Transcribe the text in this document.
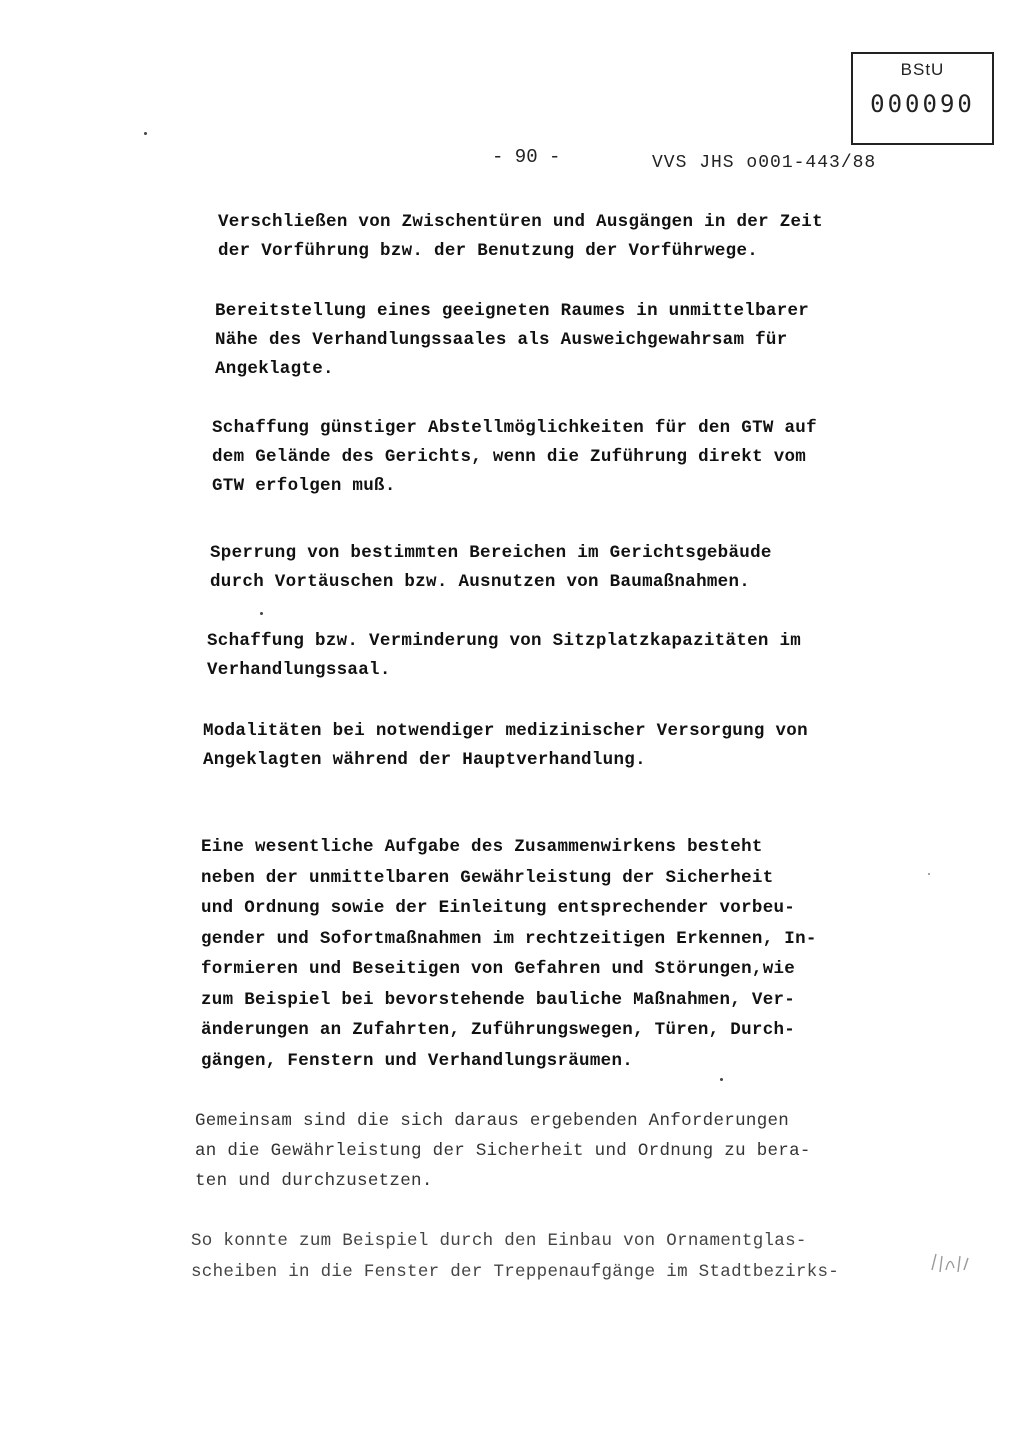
BStU
000090
- 90 -	VVS JHS o001-443/88

Verschließen von Zwischentüren und Ausgängen in der Zeit
der Vorführung bzw. der Benutzung der Vorführwege.

Bereitstellung eines geeigneten Raumes in unmittelbarer
Nähe des Verhandlungssaales als Ausweichgewahrsam für
Angeklagte.

Schaffung günstiger Abstellmöglichkeiten für den GTW auf
dem Gelände des Gerichts, wenn die Zuführung direkt vom
GTW erfolgen muß.

Sperrung von bestimmten Bereichen im Gerichtsgebäude
durch Vortäuschen bzw. Ausnutzen von Baumaßnahmen.

Schaffung bzw. Verminderung von Sitzplatzkapazitäten im
Verhandlungssaal.

Modalitäten bei notwendiger medizinischer Versorgung von
Angeklagten während der Hauptverhandlung.

Eine wesentliche Aufgabe des Zusammenwirkens besteht
neben der unmittelbaren Gewährleistung der Sicherheit
und Ordnung sowie der Einleitung entsprechender vorbeu-
gender und Sofortmaßnahmen im rechtzeitigen Erkennen, In-
formieren und Beseitigen von Gefahren und Störungen,wie
zum Beispiel bei bevorstehende bauliche Maßnahmen, Ver-
änderungen an Zufahrten, Zuführungswegen, Türen, Durch-
gängen, Fenstern und Verhandlungsräumen.

Gemeinsam sind die sich daraus ergebenden Anforderungen
an die Gewährleistung der Sicherheit und Ordnung zu bera-
ten und durchzusetzen.

So konnte zum Beispiel durch den Einbau von Ornamentglas-
scheiben in die Fenster der Treppenaufgänge im Stadtbezirks-
